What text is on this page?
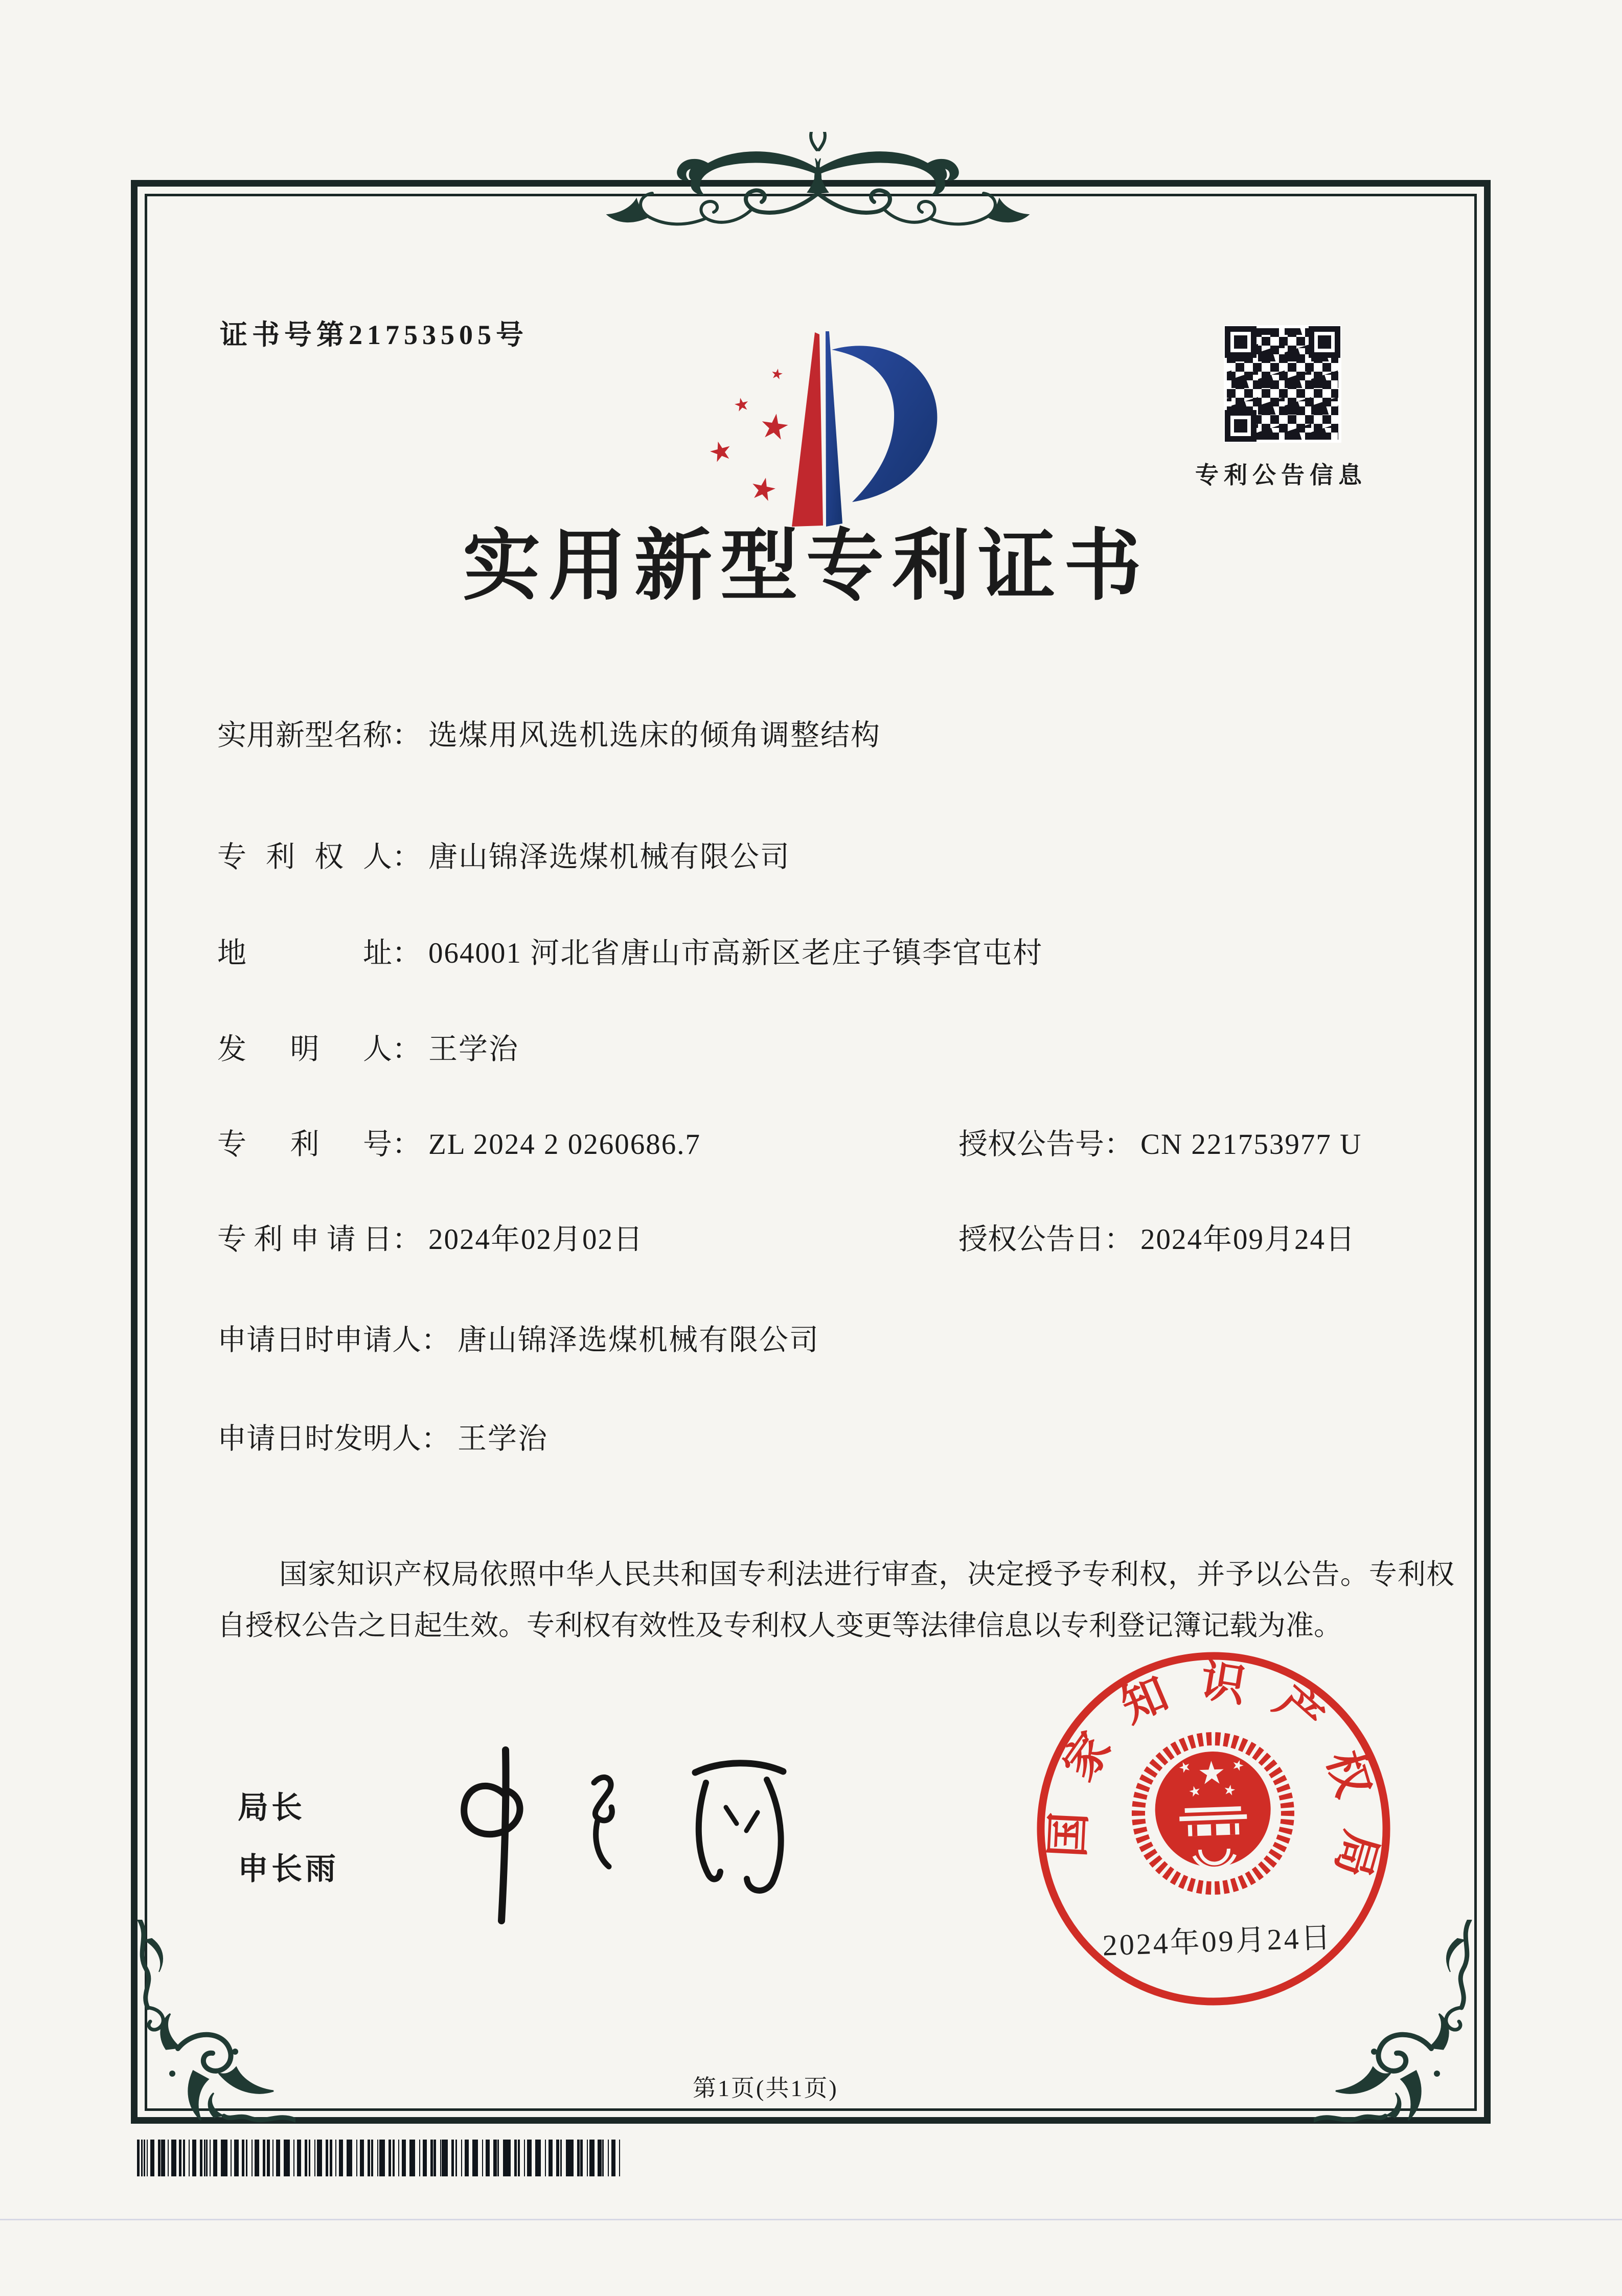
证书号第21753505号
专利公告信息
实用新型专利证书
实用新型名称： 选煤用风选机选床的倾角调整结构
专利权人： 唐山锦泽选煤机械有限公司
地址： 064001 河北省唐山市高新区老庄子镇李官屯村
发明人： 王学治
专利号： ZL 2024 2 0260686.7	授权公告号： CN 221753977 U
专利申请日： 2024年02月02日	授权公告日： 2024年09月24日
申请日时申请人： 唐山锦泽选煤机械有限公司
申请日时发明人： 王学治

国家知识产权局依照中华人民共和国专利法进行审查，决定授予专利权，并予以公告。专利权自授权公告之日起生效。专利权有效性及专利权人变更等法律信息以专利登记簿记载为准。

局长
申长雨
国家知识产权局
2024年09月24日
第1页(共1页)
